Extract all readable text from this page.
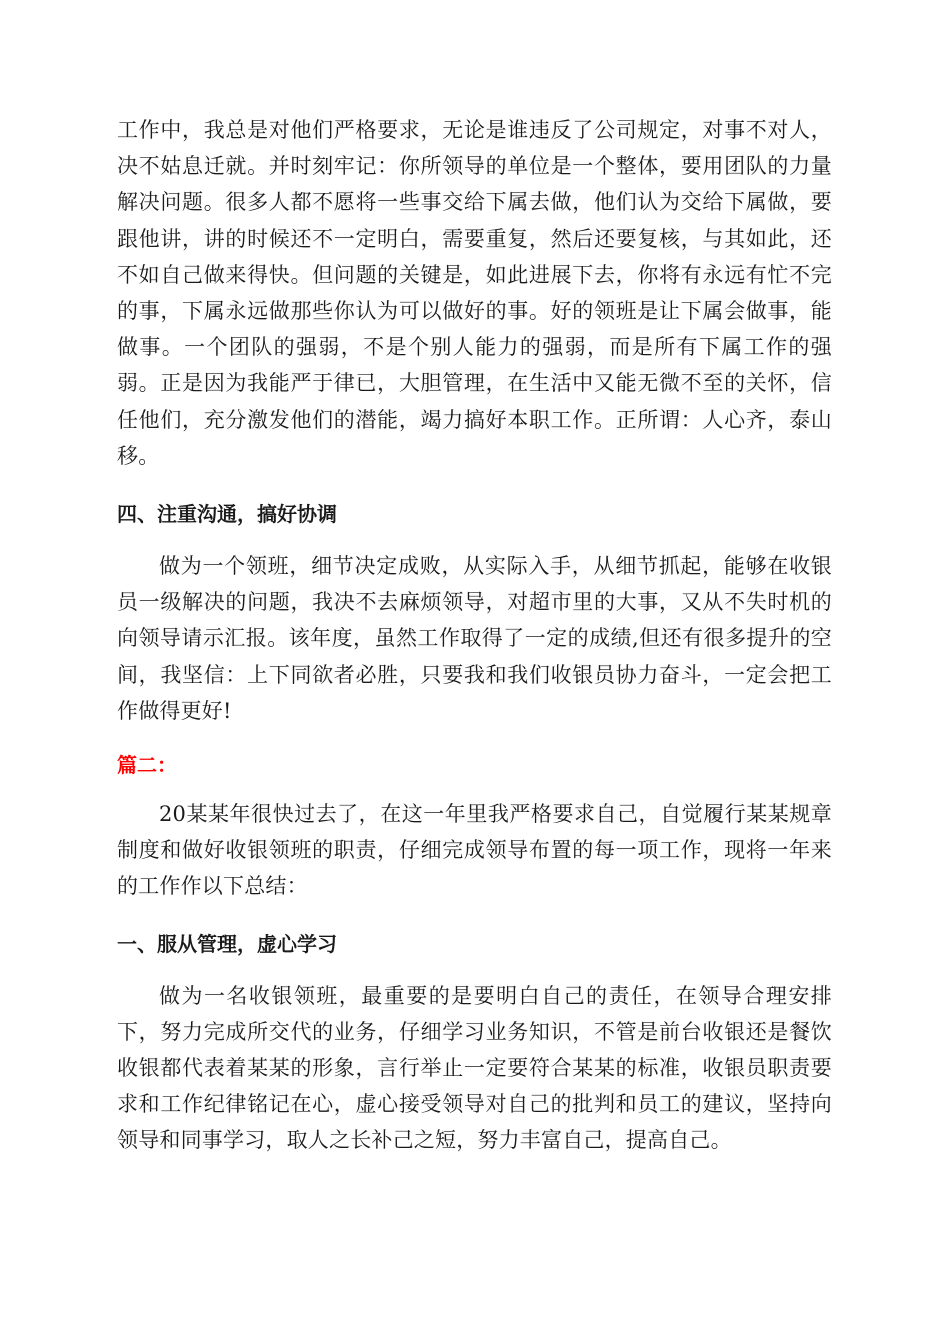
工作中，我总是对他们严格要求，无论是谁违反了公司规定，对事不对人，决不姑息迁就。并时刻牢记：你所领导的单位是一个整体，要用团队的力量解决问题。很多人都不愿将一些事交给下属去做，他们认为交给下属做，要跟他讲，讲的时候还不一定明白，需要重复，然后还要复核，与其如此，还不如自己做来得快。但问题的关键是，如此进展下去，你将有永远有忙不完的事，下属永远做那些你认为可以做好的事。好的领班是让下属会做事，能做事。一个团队的强弱，不是个别人能力的强弱，而是所有下属工作的强弱。正是因为我能严于律已，大胆管理，在生活中又能无微不至的关怀，信任他们，充分激发他们的潜能，竭力搞好本职工作。正所谓：人心齐，泰山移。

四、注重沟通，搞好协调

做为一个领班，细节决定成败，从实际入手，从细节抓起，能够在收银员一级解决的问题，我决不去麻烦领导，对超市里的大事，又从不失时机的向领导请示汇报。该年度，虽然工作取得了一定的成绩,但还有很多提升的空间，我坚信：上下同欲者必胜，只要我和我们收银员协力奋斗，一定会把工作做得更好!

篇二：

20某某年很快过去了，在这一年里我严格要求自己，自觉履行某某规章制度和做好收银领班的职责，仔细完成领导布置的每一项工作，现将一年来的工作作以下总结：

一、服从管理，虚心学习

做为一名收银领班，最重要的是要明白自己的责任，在领导合理安排下，努力完成所交代的业务，仔细学习业务知识，不管是前台收银还是餐饮收银都代表着某某的形象，言行举止一定要符合某某的标准，收银员职责要求和工作纪律铭记在心，虚心接受领导对自己的批判和员工的建议，坚持向领导和同事学习，取人之长补己之短，努力丰富自己，提高自己。
